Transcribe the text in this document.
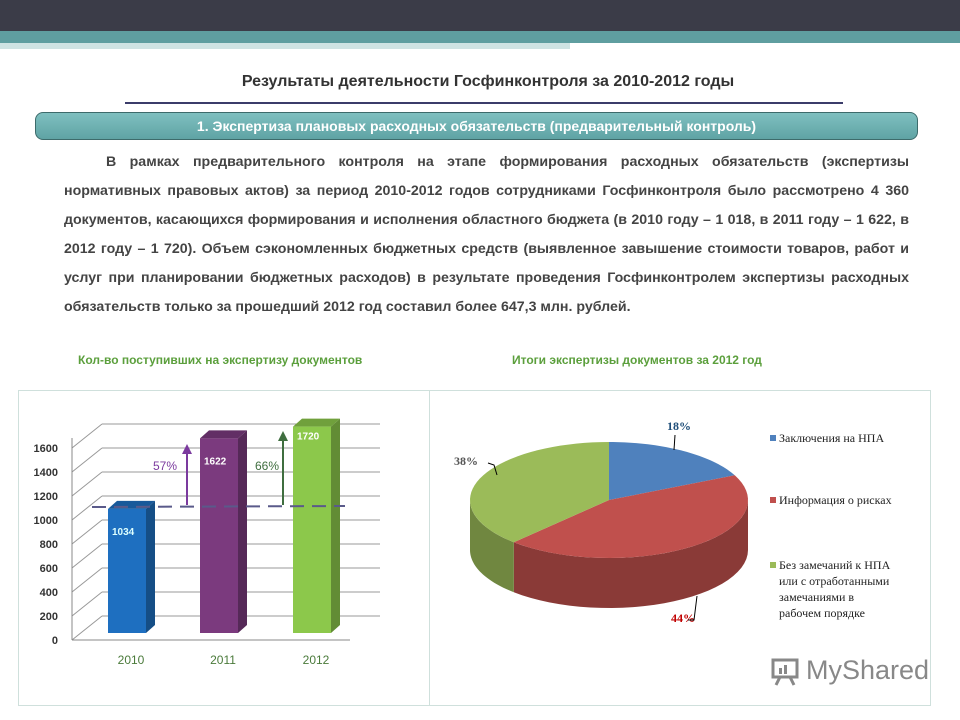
Результаты деятельности Госфинконтроля за 2010-2012 годы
1. Экспертиза плановых расходных обязательств (предварительный контроль)
В рамках предварительного контроля на этапе формирования расходных обязательств (экспертизы нормативных правовых актов) за период 2010-2012 годов сотрудниками Госфинконтроля было рассмотрено 4 360 документов, касающихся формирования и исполнения областного бюджета (в 2010 году – 1 018, в 2011 году – 1 622, в 2012 году – 1 720). Объем сэкономленных бюджетных средств (выявленное завышение стоимости товаров, работ и услуг при планировании бюджетных расходов) в результате проведения Госфинконтролем экспертизы расходных обязательств только за прошедший 2012 год составил более 647,3 млн. рублей.
Кол-во поступивших на экспертизу документов	Итоги экспертизы документов за 2012 год
0
200
400
600
800
1000
1200
1400
1600
1034
2010
1622
2011
1720
2012
57%	66%
18%
44%
38%
Заключения на НПА
Информация о рисках
Без замечаний к НПА или с отработанными замечаниями в рабочем порядке
MyShared
